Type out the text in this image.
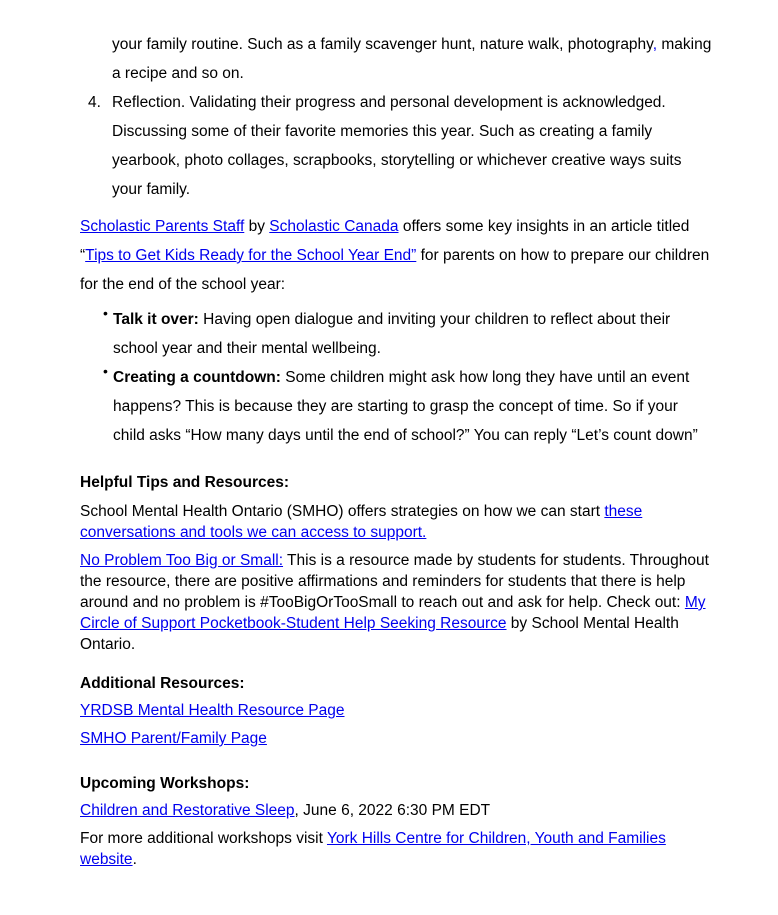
your family routine. Such as a family scavenger hunt, nature walk, photography, making a recipe and so on.

4. Reflection. Validating their progress and personal development is acknowledged. Discussing some of their favorite memories this year. Such as creating a family yearbook, photo collages, scrapbooks, storytelling or whichever creative ways suits your family.

Scholastic Parents Staff by Scholastic Canada offers some key insights in an article titled “Tips to Get Kids Ready for the School Year End” for parents on how to prepare our children for the end of the school year:

• Talk it over: Having open dialogue and inviting your children to reflect about their school year and their mental wellbeing.

• Creating a countdown: Some children might ask how long they have until an event happens? This is because they are starting to grasp the concept of time. So if your child asks “How many days until the end of school?” You can reply “Let’s count down”

Helpful Tips and Resources:

School Mental Health Ontario (SMHO) offers strategies on how we can start these conversations and tools we can access to support.

No Problem Too Big or Small: This is a resource made by students for students. Throughout the resource, there are positive affirmations and reminders for students that there is help around and no problem is #TooBigOrTooSmall to reach out and ask for help. Check out: My Circle of Support Pocketbook-Student Help Seeking Resource by School Mental Health Ontario.

Additional Resources:

YRDSB Mental Health Resource Page

SMHO Parent/Family Page

Upcoming Workshops:

Children and Restorative Sleep, June 6, 2022 6:30 PM EDT

For more additional workshops visit York Hills Centre for Children, Youth and Families website.
